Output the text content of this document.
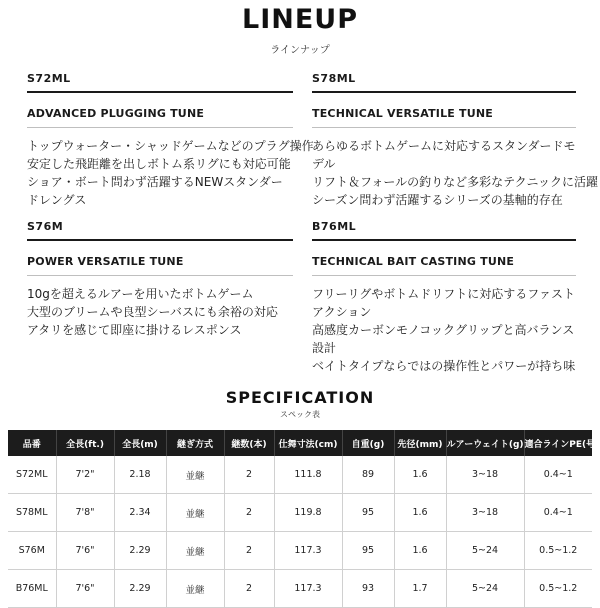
LINEUP
ラインナップ
S72ML
ADVANCED PLUGGING TUNE
トップウォーター・シャッドゲームなどのプラグ操作
安定した飛距離を出しボトム系リグにも対応可能
ショア・ボート問わず活躍するNEWスタンダードレングス
S78ML
TECHNICAL VERSATILE TUNE
あらゆるボトムゲームに対応するスタンダードモデル
リフト＆フォールの釣りなど多彩なテクニックに活躍
シーズン問わず活躍するシリーズの基軸的存在
S76M
POWER VERSATILE TUNE
10gを超えるルアーを用いたボトムゲーム
大型のブリームや良型シーバスにも余裕の対応
アタリを感じて即座に掛けるレスポンス
B76ML
TECHNICAL BAIT CASTING TUNE
フリーリグやボトムドリフトに対応するファストアクション
高感度カーボンモノコックグリップと高バランス設計
ベイトタイプならではの操作性とパワーが持ち味
SPECIFICATION
スペック表
品番	全長(ft.)	全長(m)	継ぎ方式	継数(本)	仕舞寸法(cm)	自重(g)	先径(mm)	ルアーウェイト(g)	適合ラインPE(号)
S72ML	7'2"	2.18	並継	2	111.8	89	1.6	3~18	0.4~1
S78ML	7'8"	2.34	並継	2	119.8	95	1.6	3~18	0.4~1
S76M	7'6"	2.29	並継	2	117.3	95	1.6	5~24	0.5~1.2
B76ML	7'6"	2.29	並継	2	117.3	93	1.7	5~24	0.5~1.2
